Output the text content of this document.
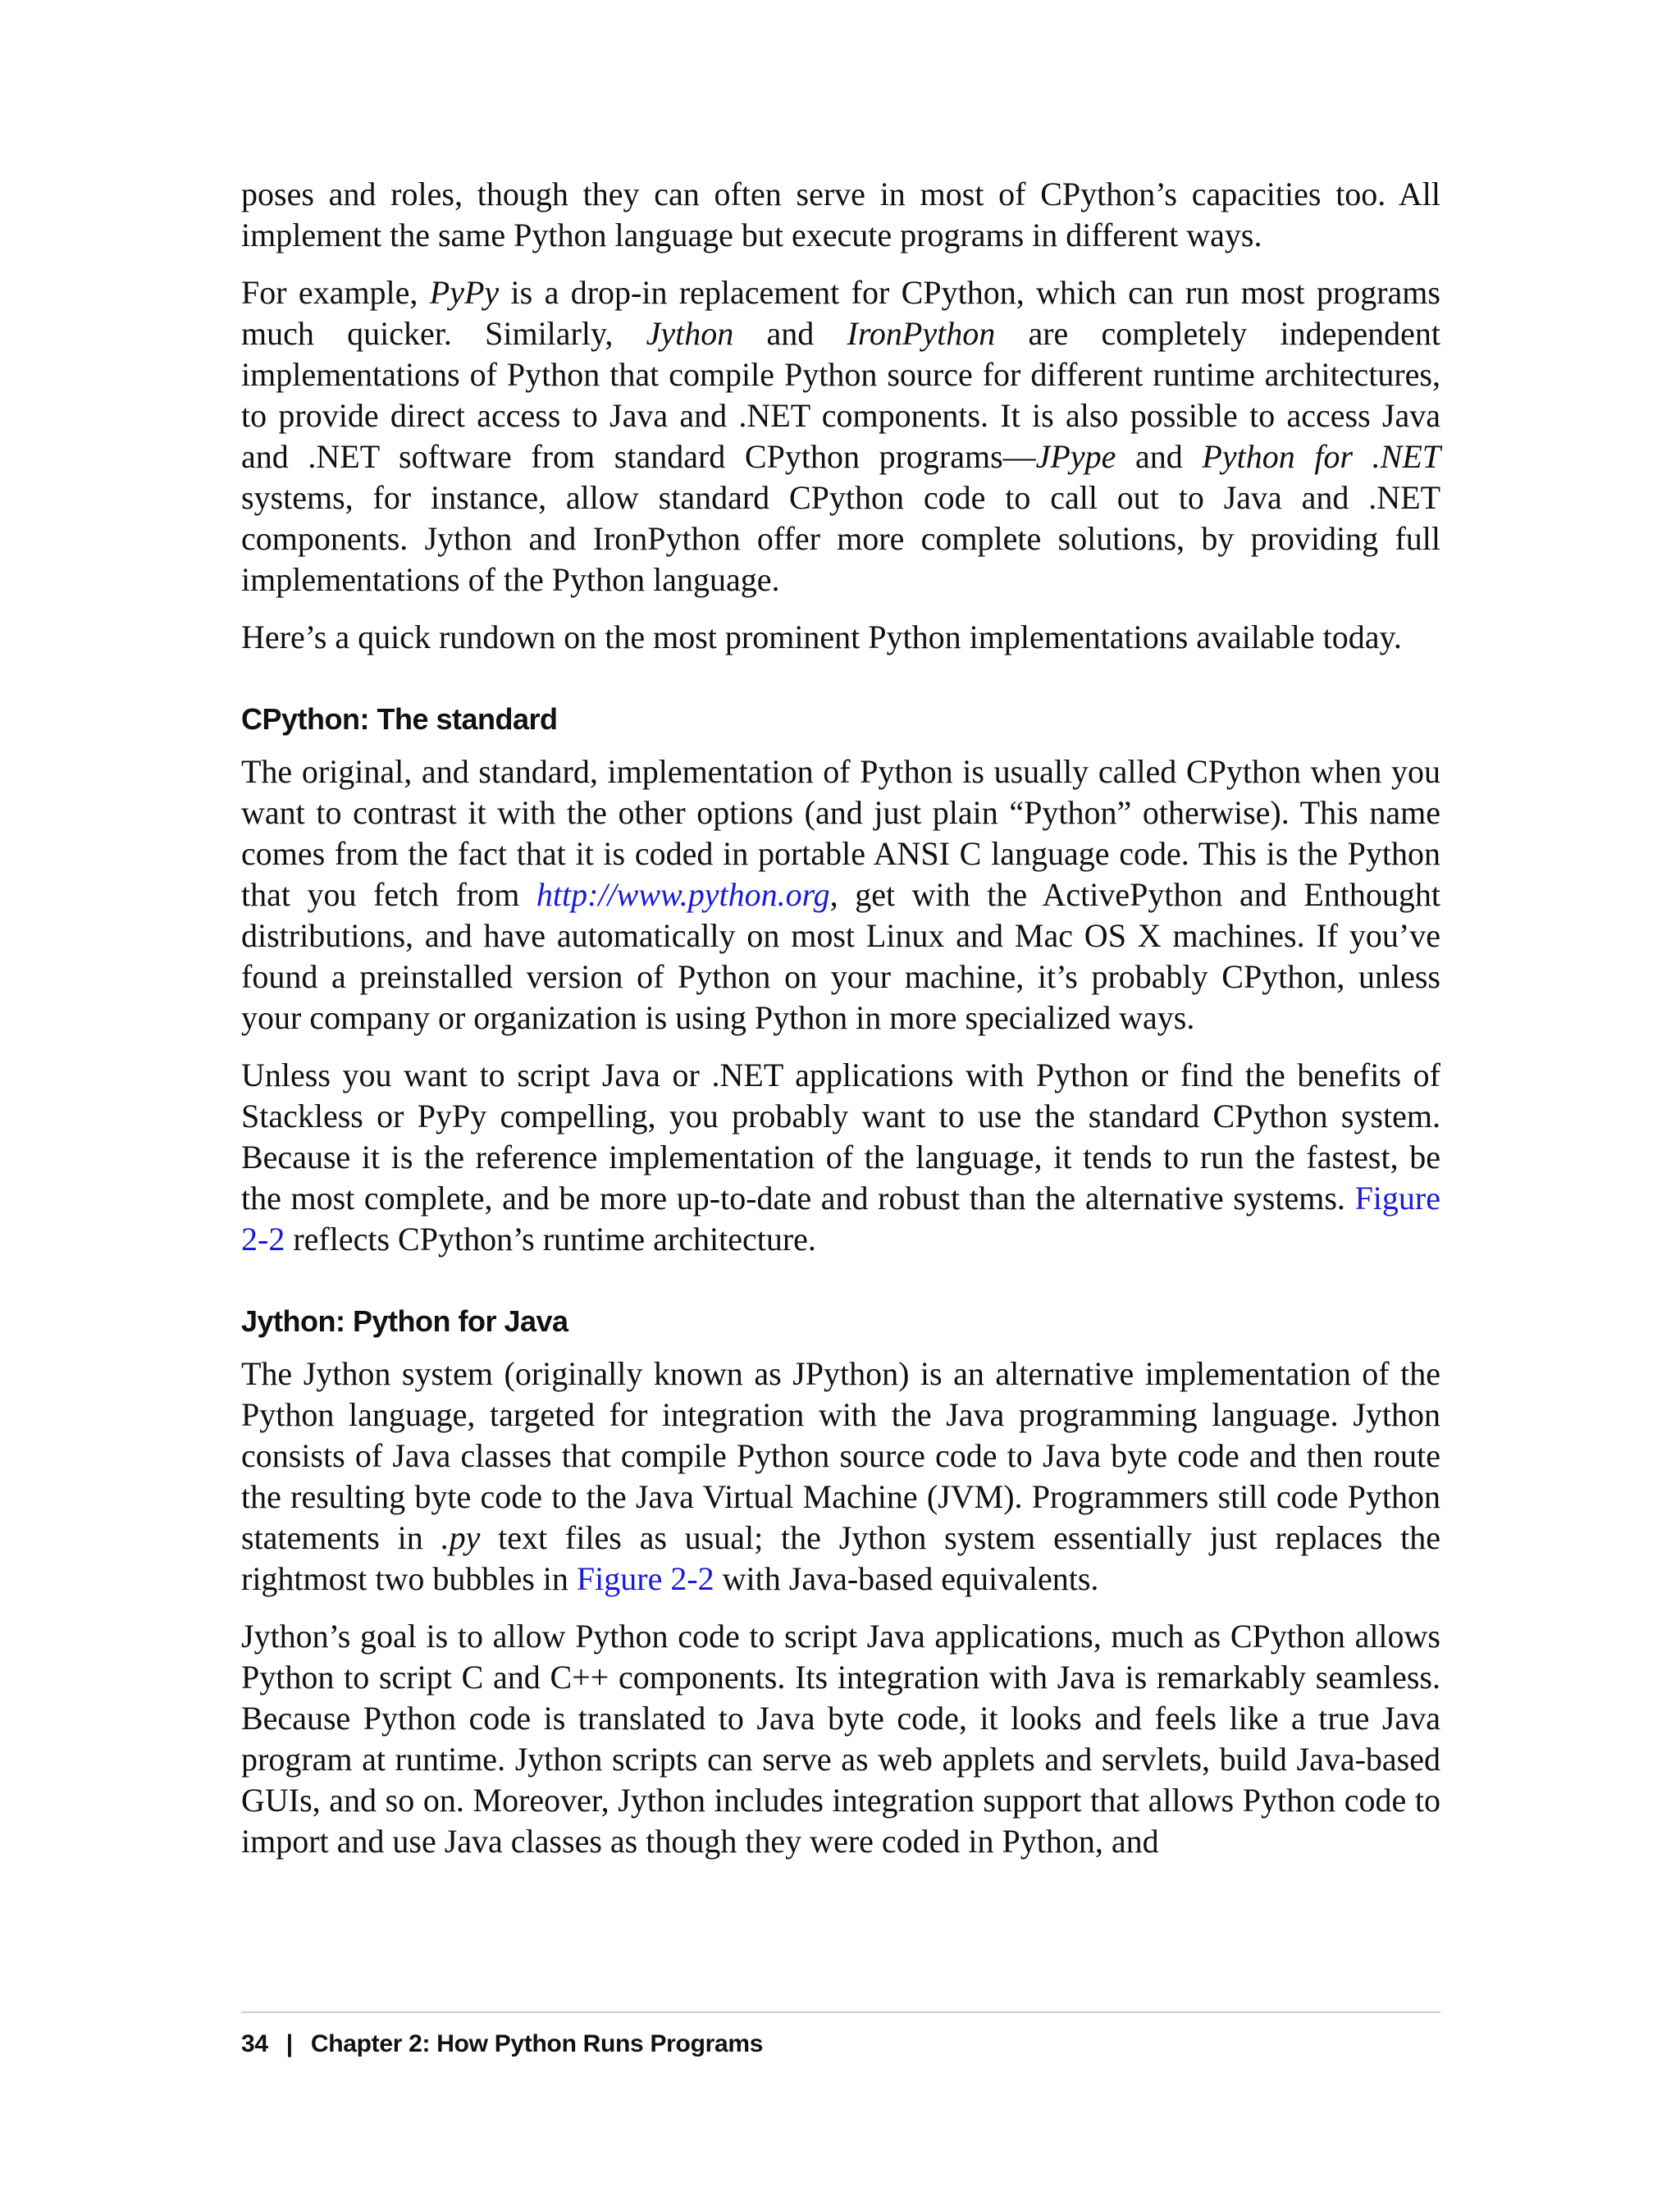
poses and roles, though they can often serve in most of CPython’s capacities too. All implement the same Python language but execute programs in different ways.

For example, PyPy is a drop-in replacement for CPython, which can run most programs much quicker. Similarly, Jython and IronPython are completely independent implementations of Python that compile Python source for different runtime architectures, to provide direct access to Java and .NET components. It is also possible to access Java and .NET software from standard CPython programs—JPype and Python for .NET systems, for instance, allow standard CPython code to call out to Java and .NET components. Jython and IronPython offer more complete solutions, by providing full implementations of the Python language.

Here’s a quick rundown on the most prominent Python implementations available today.

CPython: The standard

The original, and standard, implementation of Python is usually called CPython when you want to contrast it with the other options (and just plain “Python” otherwise). This name comes from the fact that it is coded in portable ANSI C language code. This is the Python that you fetch from http://www.python.org, get with the ActivePython and Enthought distributions, and have automatically on most Linux and Mac OS X machines. If you’ve found a preinstalled version of Python on your machine, it’s probably CPython, unless your company or organization is using Python in more specialized ways.

Unless you want to script Java or .NET applications with Python or find the benefits of Stackless or PyPy compelling, you probably want to use the standard CPython system. Because it is the reference implementation of the language, it tends to run the fastest, be the most complete, and be more up-to-date and robust than the alternative systems. Figure 2-2 reflects CPython’s runtime architecture.

Jython: Python for Java

The Jython system (originally known as JPython) is an alternative implementation of the Python language, targeted for integration with the Java programming language. Jython consists of Java classes that compile Python source code to Java byte code and then route the resulting byte code to the Java Virtual Machine (JVM). Programmers still code Python statements in .py text files as usual; the Jython system essentially just replaces the rightmost two bubbles in Figure 2-2 with Java-based equivalents.

Jython’s goal is to allow Python code to script Java applications, much as CPython allows Python to script C and C++ components. Its integration with Java is remarkably seamless. Because Python code is translated to Java byte code, it looks and feels like a true Java program at runtime. Jython scripts can serve as web applets and servlets, build Java-based GUIs, and so on. Moreover, Jython includes integration support that allows Python code to import and use Java classes as though they were coded in Python, and

34 | Chapter 2: How Python Runs Programs
